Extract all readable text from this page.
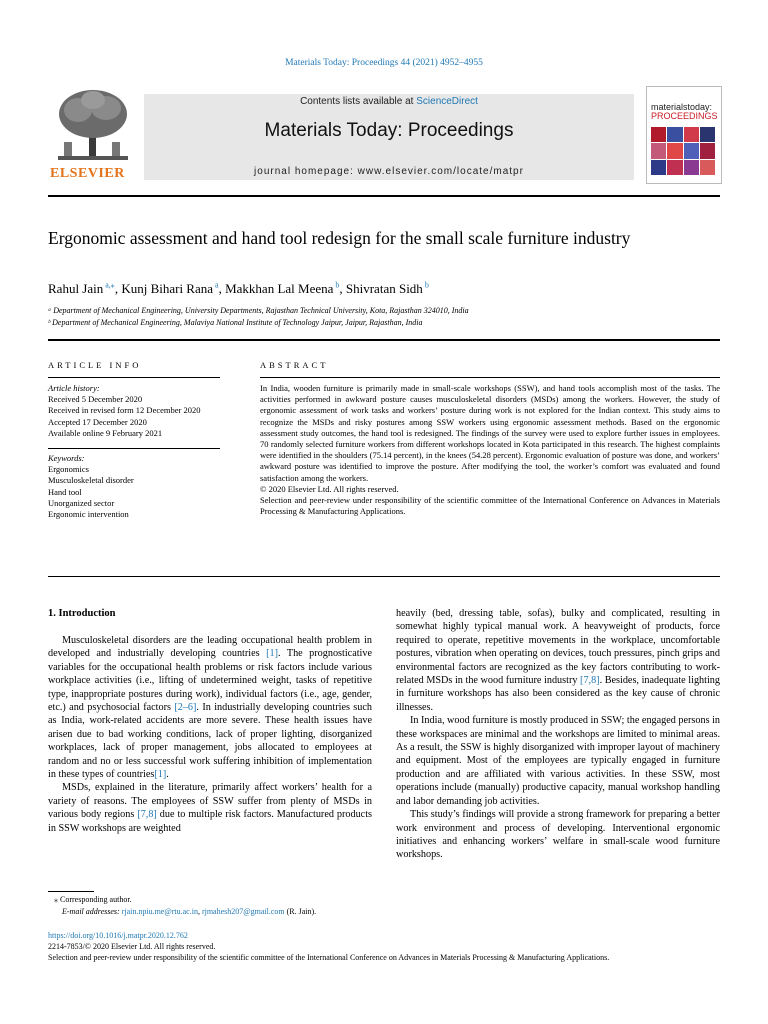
Materials Today: Proceedings 44 (2021) 4952–4955
ELSEVIER
Contents lists available at ScienceDirect
Materials Today: Proceedings
journal homepage: www.elsevier.com/locate/matpr
materialstoday:
PROCEEDINGS
Ergonomic assessment and hand tool redesign for the small scale furniture industry
Rahul Jain $^{a,⁎}$, Kunj Bihari Rana $^a$, Makkhan Lal Meena $^b$, Shivratan Sidh $^b$
ᵃ Department of Mechanical Engineering, University Departments, Rajasthan Technical University, Kota, Rajasthan 324010, India
ᵇ Department of Mechanical Engineering, Malaviya National Institute of Technology Jaipur, Jaipur, Rajasthan, India
ARTICLE INFO
Article history:
Received 5 December 2020
Received in revised form 12 December 2020
Accepted 17 December 2020
Available online 9 February 2021
Keywords:
Ergonomics
Musculoskeletal disorder
Hand tool
Unorganized sector
Ergonomic intervention
ABSTRACT
In India, wooden furniture is primarily made in small-scale workshops (SSW), and hand tools accomplish most of the tasks. The activities performed in awkward posture causes musculoskeletal disorders (MSDs) among the workers. However, the study of ergonomic assessment of work tasks and workers’ posture during work is not explored for the Indian context. This study aims to recognize the MSDs and risky postures among SSW workers using ergonomic assessment methods. Based on the ergonomic assessment study outcomes, the hand tool is redesigned. The findings of the survey were used to explore further issues in employees. 70 randomly selected furniture workers from different workshops located in Kota participated in this research. The highest complaints were identified in the shoulders (75.14 percent), in the knees (54.28 percent). Ergonomic evaluation of posture was done, and workers’ awkward posture was identified to improve the posture. After modifying the tool, the worker’s comfort was evaluated and found satisfaction among the workers.
© 2020 Elsevier Ltd. All rights reserved.
Selection and peer-review under responsibility of the scientific committee of the International Conference on Advances in Materials Processing & Manufacturing Applications.
1. Introduction

Musculoskeletal disorders are the leading occupational health problem in developed and industrially developing countries [1]. The prognosticative variables for the occupational health problems or risk factors include various workplace activities (i.e., lifting of undetermined weight, tasks of repetitive type, inappropriate postures during work), individual factors (i.e., age, gender, etc.) and psychosocial factors [2–6]. In industrially developing countries such as India, work-related accidents are more severe. These health issues have arisen due to bad working conditions, lack of proper lighting, disorganized workplaces, lack of proper management, jobs allocated to employees at random and no or less successful work suffering inhibition of implementation in these types of countries[1].

MSDs, explained in the literature, primarily affect workers’ health for a variety of reasons. The employees of SSW suffer from plenty of MSDs in various body regions [7,8] due to multiple risk factors. Manufactured products in SSW workshops are weighted

heavily (bed, dressing table, sofas), bulky and complicated, resulting in somewhat highly typical manual work. A heavyweight of products, force required to operate, repetitive movements in the workplace, uncomfortable postures, vibration when operating on devices, touch pressures, pinch grips and environmental factors are recognized as the key factors contributing to work-related MSDs in the wood furniture industry [7,8]. Besides, inadequate lighting in furniture workshops has also been considered as the key cause of chronic illnesses.

In India, wood furniture is mostly produced in SSW; the engaged persons in these workspaces are minimal and the workshops are limited to minimal areas. As a result, the SSW is highly disorganized with improper layout of machinery and equipment. Most of the employees are typically engaged in furniture production and are affiliated with various activities. In these SSW, most operations include (manually) productive capacity, manual workshop handling and labor demanding job activities.

This study’s findings will provide a strong framework for preparing a better work environment and process of developing. Interventional ergonomic initiatives and enhancing workers’ welfare in small-scale wood furniture workshops.

⁎ Corresponding author.
E-mail addresses: rjain.npiu.me@rtu.ac.in, rjmahesh207@gmail.com (R. Jain).
https://doi.org/10.1016/j.matpr.2020.12.762
2214-7853/© 2020 Elsevier Ltd. All rights reserved.
Selection and peer-review under responsibility of the scientific committee of the International Conference on Advances in Materials Processing & Manufacturing Applications.
